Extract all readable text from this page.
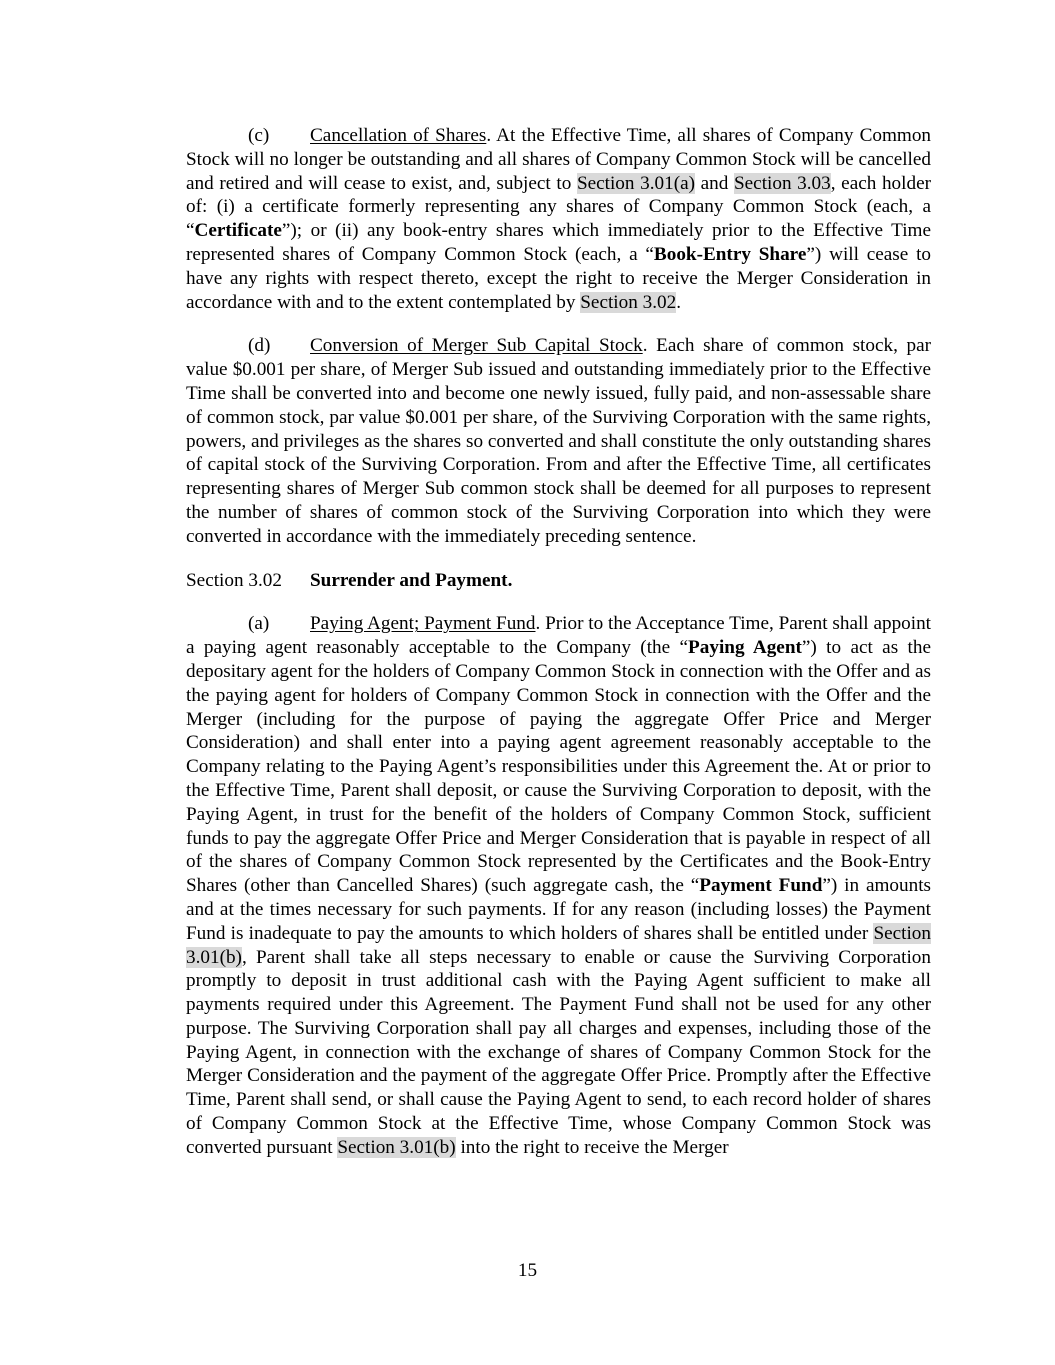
(c) Cancellation of Shares. At the Effective Time, all shares of Company Common Stock will no longer be outstanding and all shares of Company Common Stock will be cancelled and retired and will cease to exist, and, subject to Section 3.01(a) and Section 3.03, each holder of: (i) a certificate formerly representing any shares of Company Common Stock (each, a “Certificate”); or (ii) any book-entry shares which immediately prior to the Effective Time represented shares of Company Common Stock (each, a “Book-Entry Share”) will cease to have any rights with respect thereto, except the right to receive the Merger Consideration in accordance with and to the extent contemplated by Section 3.02.

(d) Conversion of Merger Sub Capital Stock. Each share of common stock, par value $0.001 per share, of Merger Sub issued and outstanding immediately prior to the Effective Time shall be converted into and become one newly issued, fully paid, and non-assessable share of common stock, par value $0.001 per share, of the Surviving Corporation with the same rights, powers, and privileges as the shares so converted and shall constitute the only outstanding shares of capital stock of the Surviving Corporation. From and after the Effective Time, all certificates representing shares of Merger Sub common stock shall be deemed for all purposes to represent the number of shares of common stock of the Surviving Corporation into which they were converted in accordance with the immediately preceding sentence.

Section 3.02 Surrender and Payment.

(a) Paying Agent; Payment Fund. Prior to the Acceptance Time, Parent shall appoint a paying agent reasonably acceptable to the Company (the “Paying Agent”) to act as the depositary agent for the holders of Company Common Stock in connection with the Offer and as the paying agent for holders of Company Common Stock in connection with the Offer and the Merger (including for the purpose of paying the aggregate Offer Price and Merger Consideration) and shall enter into a paying agent agreement reasonably acceptable to the Company relating to the Paying Agent’s responsibilities under this Agreement the. At or prior to the Effective Time, Parent shall deposit, or cause the Surviving Corporation to deposit, with the Paying Agent, in trust for the benefit of the holders of Company Common Stock, sufficient funds to pay the aggregate Offer Price and Merger Consideration that is payable in respect of all of the shares of Company Common Stock represented by the Certificates and the Book-Entry Shares (other than Cancelled Shares) (such aggregate cash, the “Payment Fund”) in amounts and at the times necessary for such payments. If for any reason (including losses) the Payment Fund is inadequate to pay the amounts to which holders of shares shall be entitled under Section 3.01(b), Parent shall take all steps necessary to enable or cause the Surviving Corporation promptly to deposit in trust additional cash with the Paying Agent sufficient to make all payments required under this Agreement. The Payment Fund shall not be used for any other purpose. The Surviving Corporation shall pay all charges and expenses, including those of the Paying Agent, in connection with the exchange of shares of Company Common Stock for the Merger Consideration and the payment of the aggregate Offer Price. Promptly after the Effective Time, Parent shall send, or shall cause the Paying Agent to send, to each record holder of shares of Company Common Stock at the Effective Time, whose Company Common Stock was converted pursuant Section 3.01(b) into the right to receive the Merger

15
